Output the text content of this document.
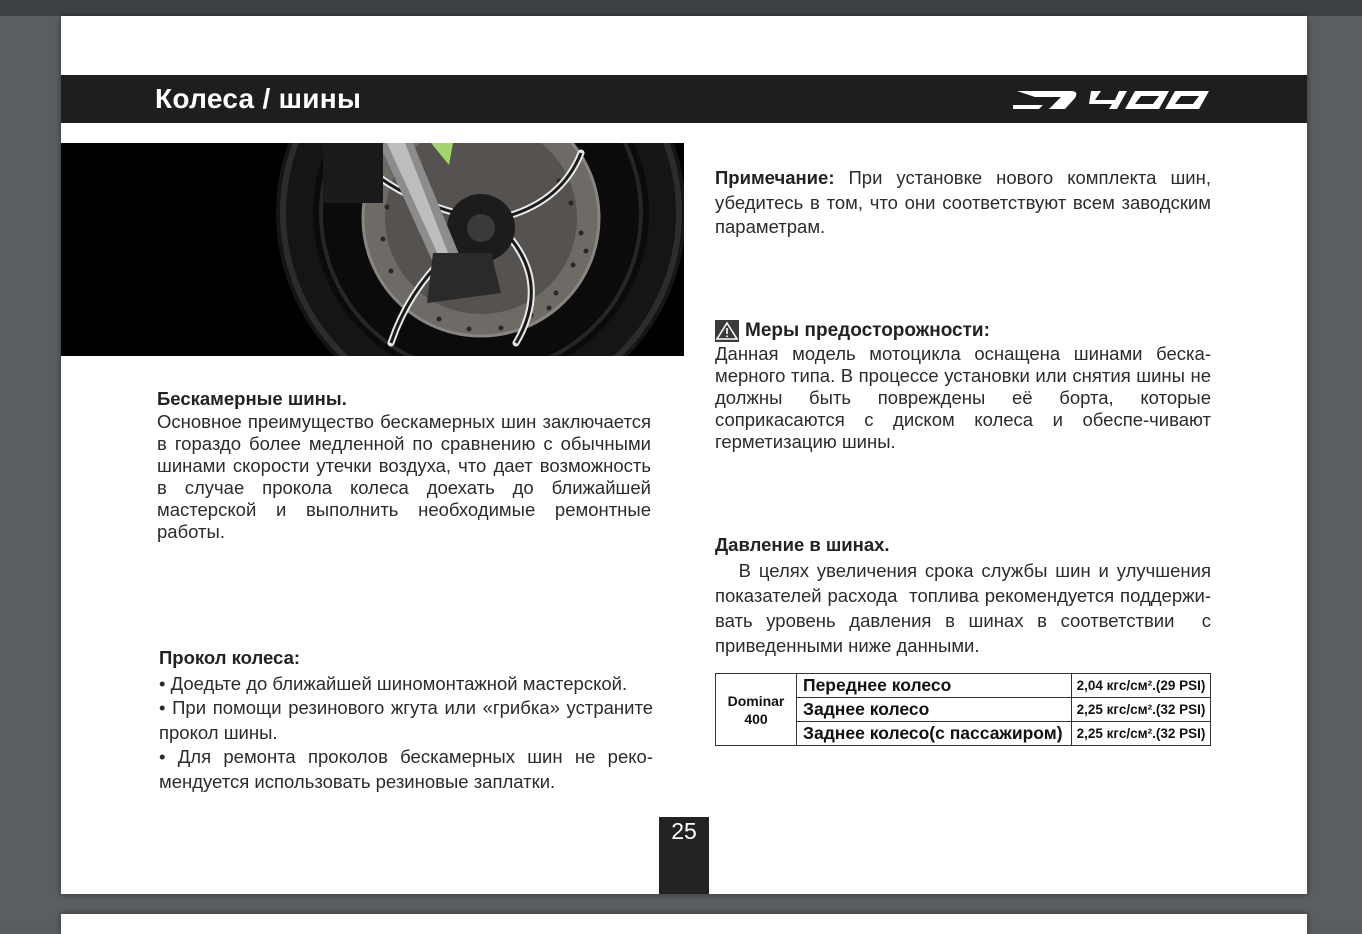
Колеса / шины
Бескамерные шины.
Основное преимущество бескамерных шин заключается в гораздо более медленной по сравнению с обычными шинами скорости утечки воздуха, что дает возможность в случае прокола колеса доехать до ближайшей мастерской и выполнить необходимые ремонтные работы.
Прокол колеса:
• Доедьте до ближайшей шиномонтажной мастерской.
• При помощи резинового жгута или «грибка» устраните прокол шины.
• Для ремонта проколов бескамерных шин не реко-мендуется использовать резиновые заплатки.
Примечание: При установке нового комплекта шин, убедитесь в том, что они соответствуют всем заводским параметрам.
Меры предосторожности:
Данная модель мотоцикла оснащена шинами беска-мерного типа. В процессе установки или снятия шины не должны быть повреждены её борта, которые соприкасаются с диском колеса и обеспе-чивают герметизацию шины.
Давление в шинах.
В целях увеличения срока службы шин и улучшения показателей расхода  топлива рекомендуется поддержи-вать уровень давления в шинах в соответствии  с приведенными ниже данными.
Dominar
400	Переднее колесо	2,04 кгс/см².(29 PSI)
	Заднее колесо	2,25 кгс/см².(32 PSI)
	Заднее колесо(с пассажиром)	2,25 кгс/см².(32 PSI)
25
